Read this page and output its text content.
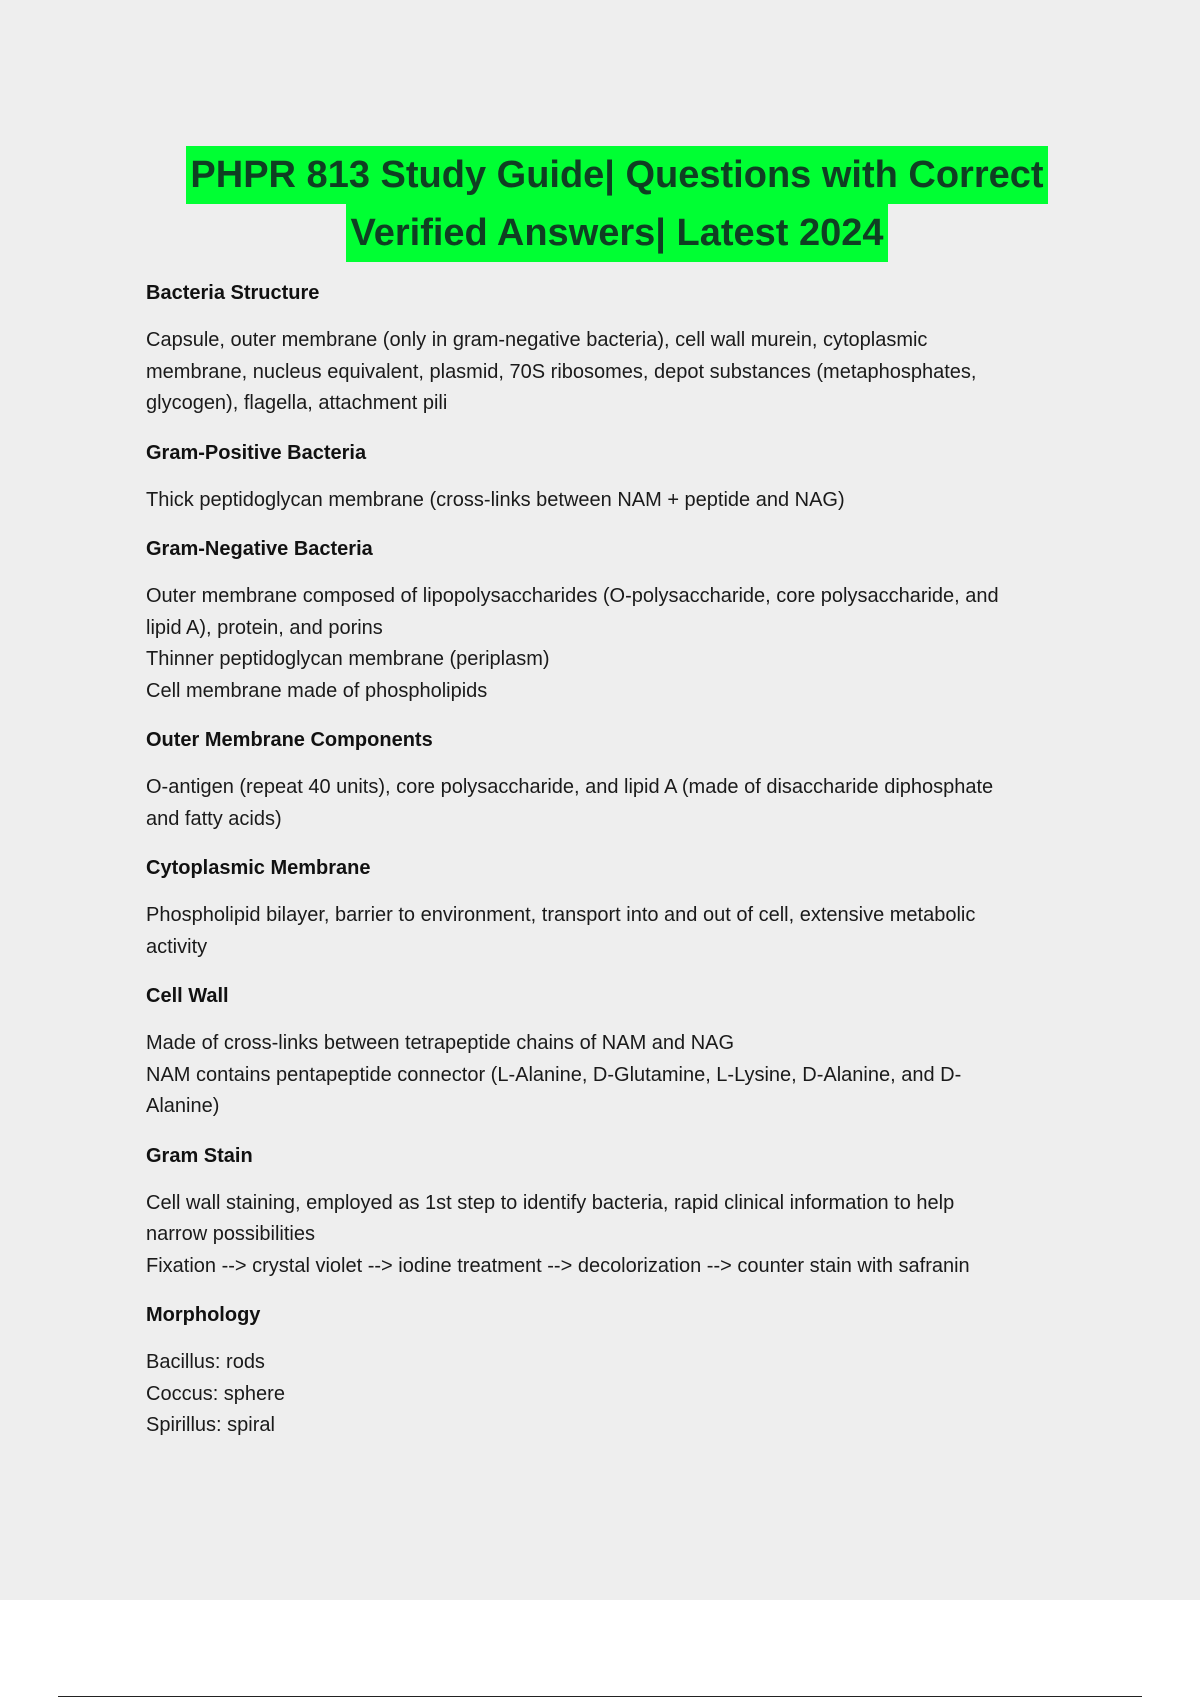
PHPR 813 Study Guide| Questions with Correct
Verified Answers| Latest 2024
Bacteria Structure
Capsule, outer membrane (only in gram-negative bacteria), cell wall murein, cytoplasmic
membrane, nucleus equivalent, plasmid, 70S ribosomes, depot substances (metaphosphates,
glycogen), flagella, attachment pili
Gram-Positive Bacteria
Thick peptidoglycan membrane (cross-links between NAM + peptide and NAG)
Gram-Negative Bacteria
Outer membrane composed of lipopolysaccharides (O-polysaccharide, core polysaccharide, and
lipid A), protein, and porins
Thinner peptidoglycan membrane (periplasm)
Cell membrane made of phospholipids
Outer Membrane Components
O-antigen (repeat 40 units), core polysaccharide, and lipid A (made of disaccharide diphosphate
and fatty acids)
Cytoplasmic Membrane
Phospholipid bilayer, barrier to environment, transport into and out of cell, extensive metabolic
activity
Cell Wall
Made of cross-links between tetrapeptide chains of NAM and NAG
NAM contains pentapeptide connector (L-Alanine, D-Glutamine, L-Lysine, D-Alanine, and D-
Alanine)
Gram Stain
Cell wall staining, employed as 1st step to identify bacteria, rapid clinical information to help
narrow possibilities
Fixation --> crystal violet --> iodine treatment --> decolorization --> counter stain with safranin
Morphology
Bacillus: rods
Coccus: sphere
Spirillus: spiral
